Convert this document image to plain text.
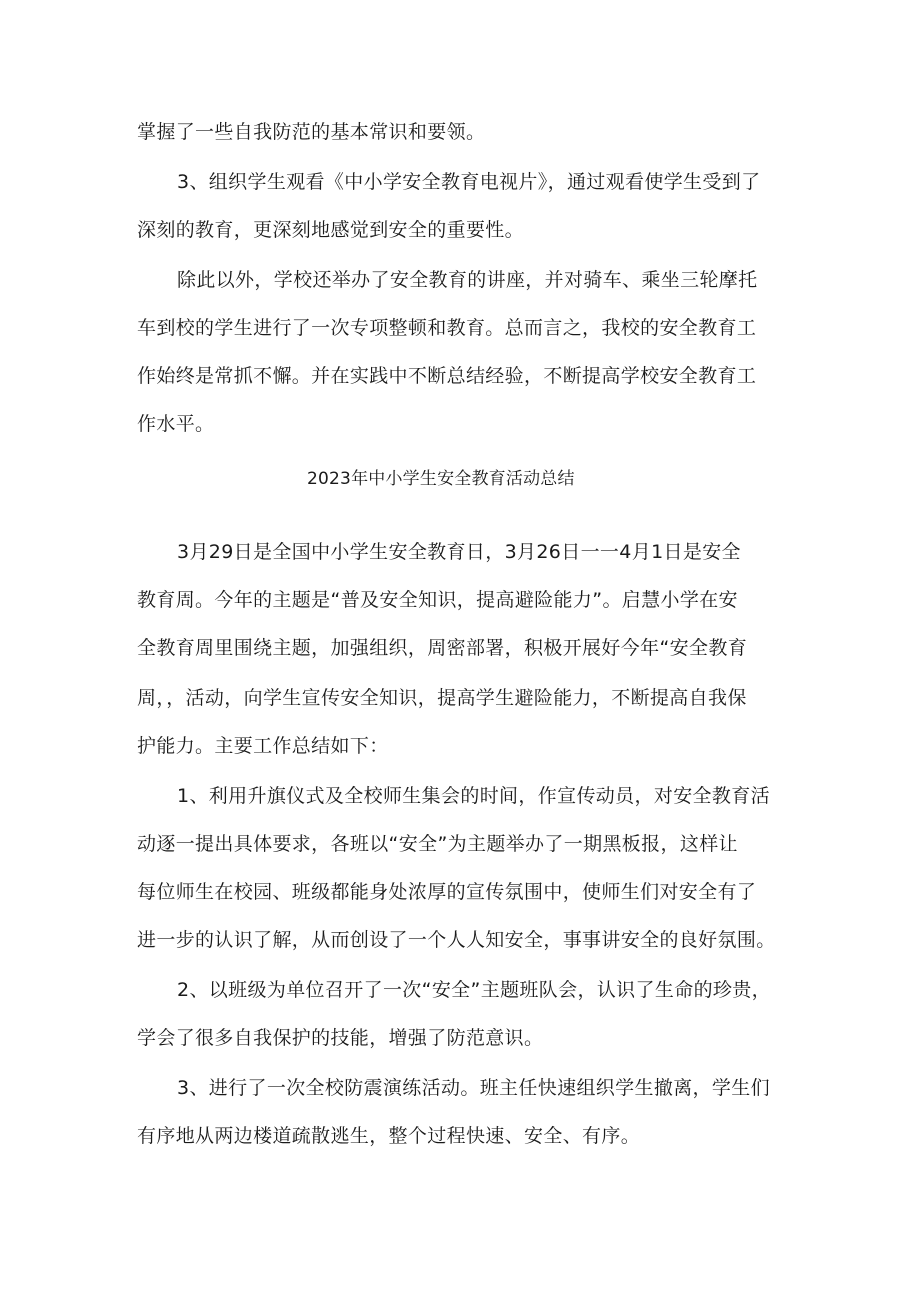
掌握了一些自我防范的基本常识和要领。
3、组织学生观看《中小学安全教育电视片》，通过观看使学生受到了
深刻的教育，更深刻地感觉到安全的重要性。
除此以外，学校还举办了安全教育的讲座，并对骑车、乘坐三轮摩托
车到校的学生进行了一次专项整顿和教育。总而言之，我校的安全教育工
作始终是常抓不懈。并在实践中不断总结经验，不断提高学校安全教育工
作水平。
2023年中小学生安全教育活动总结
3月29日是全国中小学生安全教育日，3月26日一一4月1日是安全
教育周。今年的主题是“普及安全知识，提高避险能力”。启慧小学在安
全教育周里围绕主题，加强组织，周密部署，积极开展好今年“安全教育
周，，活动，向学生宣传安全知识，提高学生避险能力，不断提高自我保
护能力。主要工作总结如下：
1、利用升旗仪式及全校师生集会的时间，作宣传动员，对安全教育活
动逐一提出具体要求，各班以“安全”为主题举办了一期黑板报，这样让
每位师生在校园、班级都能身处浓厚的宣传氛围中，使师生们对安全有了
进一步的认识了解，从而创设了一个人人知安全，事事讲安全的良好氛围。
2、以班级为单位召开了一次“安全”主题班队会，认识了生命的珍贵，
学会了很多自我保护的技能，增强了防范意识。
3、进行了一次全校防震演练活动。班主任快速组织学生撤离，学生们
有序地从两边楼道疏散逃生，整个过程快速、安全、有序。
